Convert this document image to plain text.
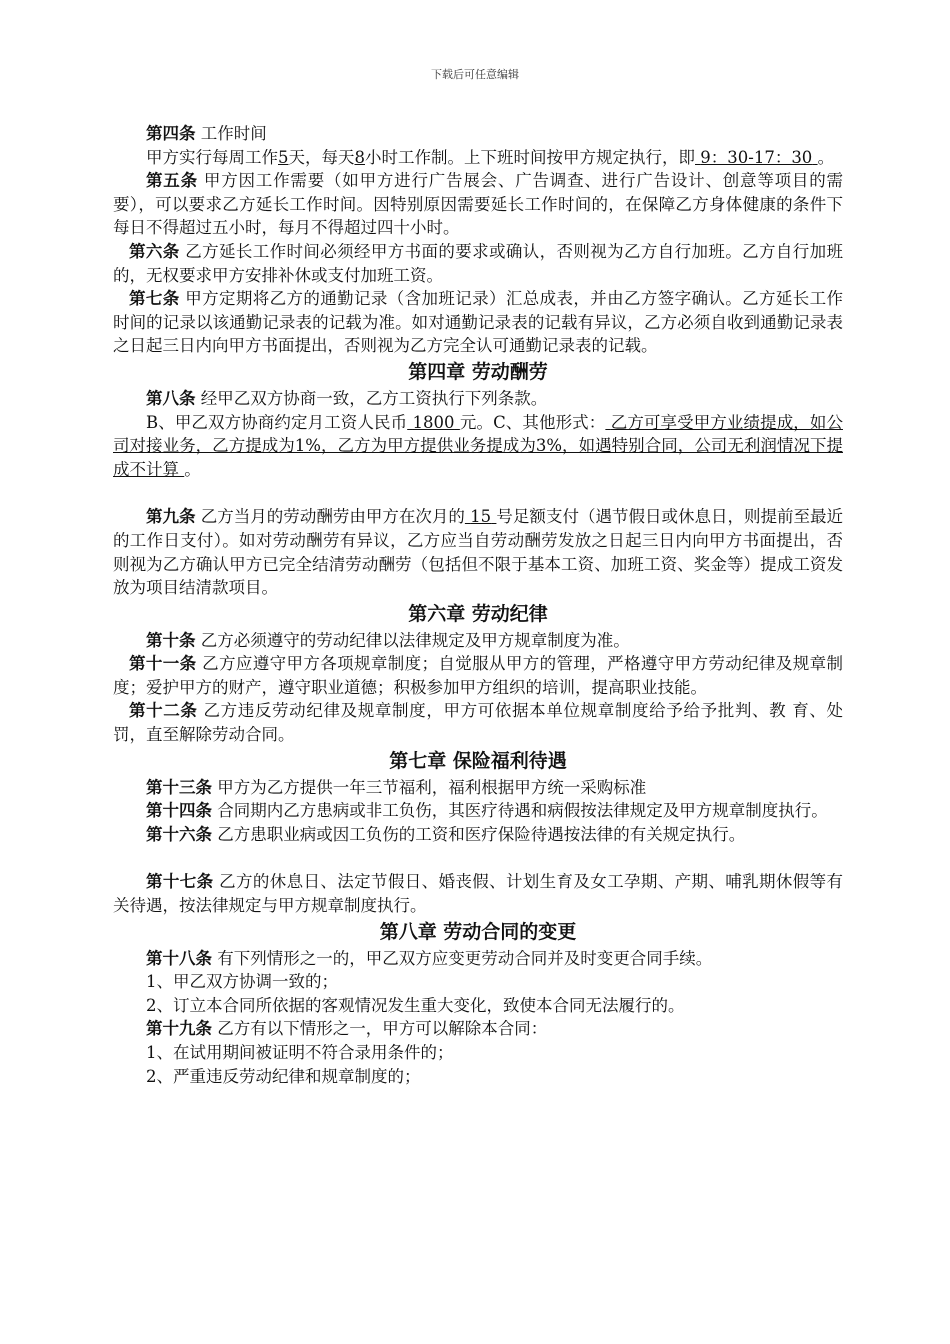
下载后可任意编辑

第四条 工作时间

甲方实行每周工作5天，每天8小时工作制。上下班时间按甲方规定执行，即 9：30-17：30 。

第五条 甲方因工作需要（如甲方进行广告展会、广告调查、进行广告设计、创意等项目的需要），可以要求乙方延长工作时间。因特别原因需要延长工作时间的，在保障乙方身体健康的条件下每日不得超过五小时，每月不得超过四十小时。

第六条 乙方延长工作时间必须经甲方书面的要求或确认，否则视为乙方自行加班。乙方自行加班的，无权要求甲方安排补休或支付加班工资。

第七条 甲方定期将乙方的通勤记录（含加班记录）汇总成表，并由乙方签字确认。乙方延长工作时间的记录以该通勤记录表的记载为准。如对通勤记录表的记载有异议，乙方必须自收到通勤记录表之日起三日内向甲方书面提出，否则视为乙方完全认可通勤记录表的记载。

第四章 劳动酬劳

第八条 经甲乙双方协商一致，乙方工资执行下列条款。

B、甲乙双方协商约定月工资人民币 1800 元。C、其他形式： 乙方可享受甲方业绩提成，如公司对接业务，乙方提成为1%，乙方为甲方提供业务提成为3%，如遇特别合同，公司无利润情况下提成不计算 。

第九条 乙方当月的劳动酬劳由甲方在次月的 15 号足额支付（遇节假日或休息日，则提前至最近的工作日支付）。如对劳动酬劳有异议，乙方应当自劳动酬劳发放之日起三日内向甲方书面提出，否则视为乙方确认甲方已完全结清劳动酬劳（包括但不限于基本工资、加班工资、奖金等）提成工资发放为项目结清款项目。

第六章 劳动纪律

第十条 乙方必须遵守的劳动纪律以法律规定及甲方规章制度为准。

第十一条 乙方应遵守甲方各项规章制度；自觉服从甲方的管理，严格遵守甲方劳动纪律及规章制度；爱护甲方的财产，遵守职业道德；积极参加甲方组织的培训，提高职业技能。

第十二条 乙方违反劳动纪律及规章制度，甲方可依据本单位规章制度给予给予批判、教 育、处罚，直至解除劳动合同。

第七章 保险福利待遇

第十三条 甲方为乙方提供一年三节福利，福利根据甲方统一采购标准

第十四条 合同期内乙方患病或非工负伤，其医疗待遇和病假按法律规定及甲方规章制度执行。

第十六条 乙方患职业病或因工负伤的工资和医疗保险待遇按法律的有关规定执行。

第十七条 乙方的休息日、法定节假日、婚丧假、计划生育及女工孕期、产期、哺乳期休假等有关待遇，按法律规定与甲方规章制度执行。

第八章 劳动合同的变更

第十八条 有下列情形之一的，甲乙双方应变更劳动合同并及时变更合同手续。

1、甲乙双方协调一致的；

2、订立本合同所依据的客观情况发生重大变化，致使本合同无法履行的。

第十九条 乙方有以下情形之一，甲方可以解除本合同：

1、在试用期间被证明不符合录用条件的；

2、严重违反劳动纪律和规章制度的；
